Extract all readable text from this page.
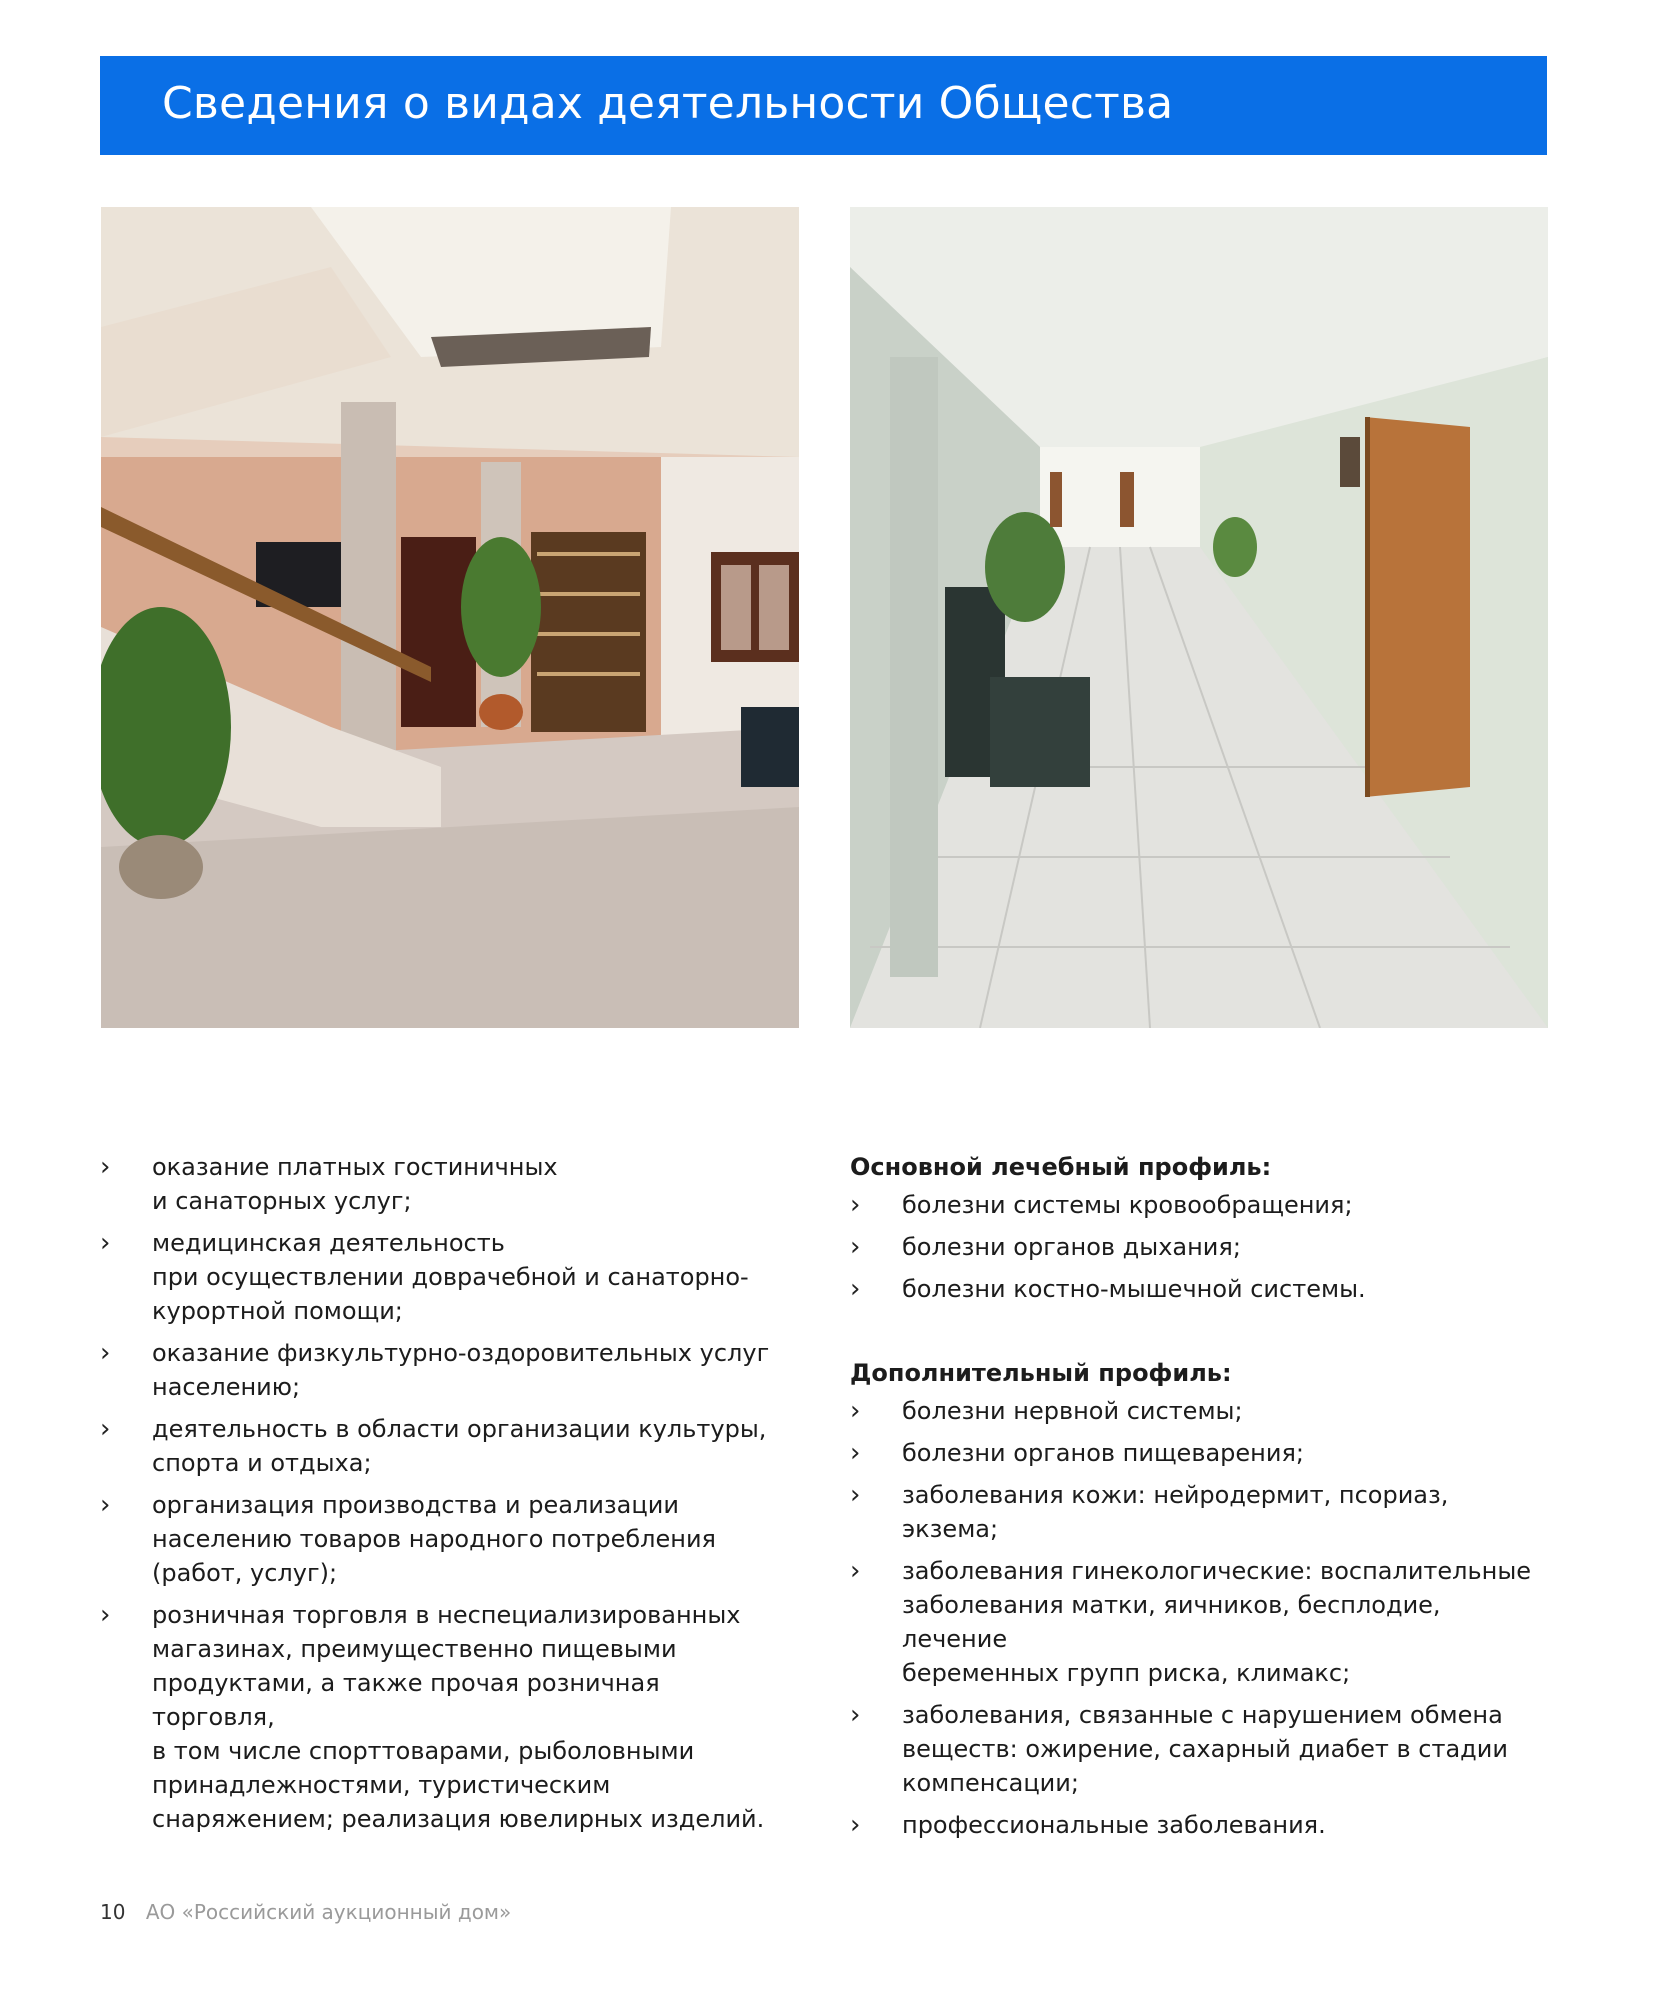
Сведения о видах деятельности Общества
› оказание платных гостиничных
и санаторных услуг;
› медицинская деятельность
при осуществлении доврачебной и санаторно-
курортной помощи;
› оказание физкультурно-оздоровительных услуг
населению;
› деятельность в области организации культуры,
спорта и отдыха;
› организация производства и реализации
населению товаров народного потребления
(работ, услуг);
› розничная торговля в неспециализированных
магазинах, преимущественно пищевыми
продуктами, а также прочая розничная торговля,
в том числе спорттоварами, рыболовными
принадлежностями, туристическим
снаряжением; реализация ювелирных изделий.
Основной лечебный профиль:
› болезни системы кровообращения;
› болезни органов дыхания;
› болезни костно-мышечной системы.
Дополнительный профиль:
› болезни нервной системы;
› болезни органов пищеварения;
› заболевания кожи: нейродермит, псориаз, экзема;
› заболевания гинекологические: воспалительные
заболевания матки, яичников, бесплодие, лечение
беременных групп риска, климакс;
› заболевания, связанные с нарушением обмена
веществ: ожирение, сахарный диабет в стадии
компенсации;
› профессиональные заболевания.
10 АО «Российский аукционный дом»
